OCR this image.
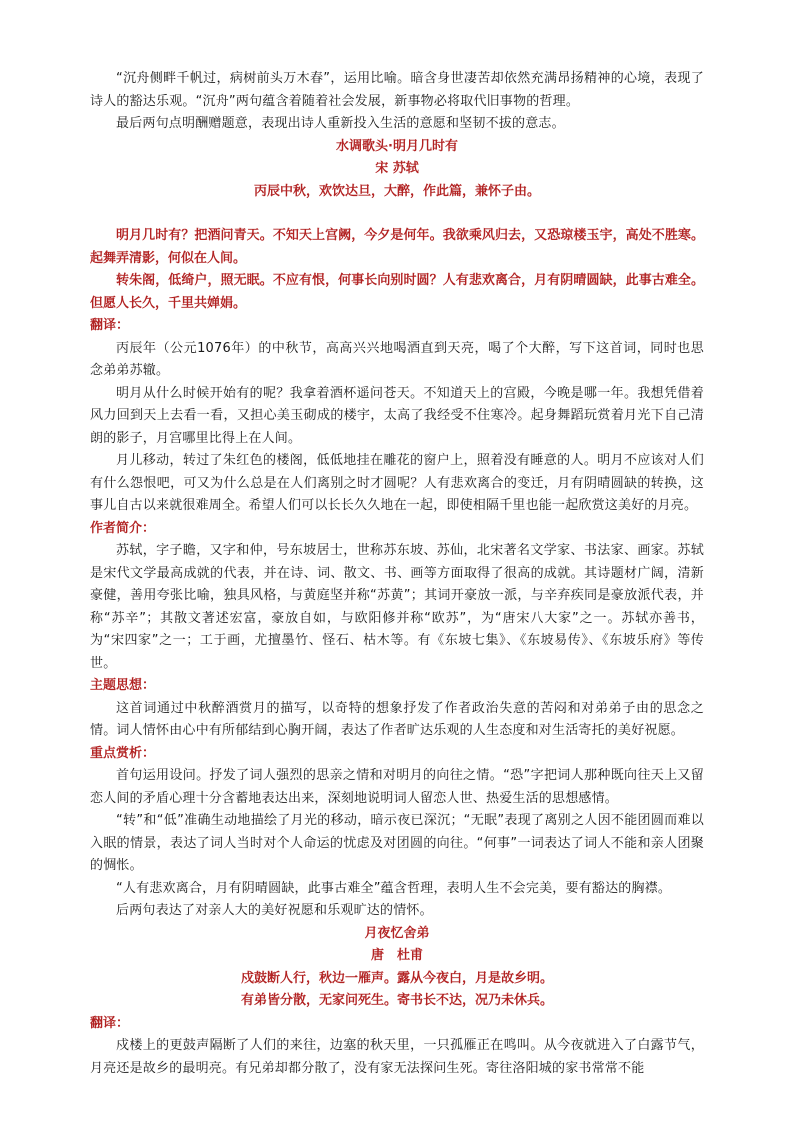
“沉舟侧畔千帆过，病树前头万木春”，运用比喻。暗含身世凄苦却依然充满昂扬精神的心境，表现了诗人的豁达乐观。“沉舟”两句蕴含着随着社会发展，新事物必将取代旧事物的哲理。

最后两句点明酬赠题意，表现出诗人重新投入生活的意愿和坚韧不拔的意志。

水调歌头·明月几时有

宋 苏轼

丙辰中秋，欢饮达旦，大醉，作此篇，兼怀子由。

明月几时有？把酒问青天。不知天上宫阙，今夕是何年。我欲乘风归去，又恐琼楼玉宇，高处不胜寒。起舞弄清影，何似在人间。

转朱阁，低绮户，照无眠。不应有恨，何事长向别时圆？人有悲欢离合，月有阴晴圆缺，此事古难全。但愿人长久，千里共婵娟。

翻译：

丙辰年（公元1076年）的中秋节，高高兴兴地喝酒直到天亮，喝了个大醉，写下这首词，同时也思念弟弟苏辙。

明月从什么时候开始有的呢？我拿着酒杯遥问苍天。不知道天上的宫殿，今晚是哪一年。我想凭借着风力回到天上去看一看，又担心美玉砌成的楼宇，太高了我经受不住寒冷。起身舞蹈玩赏着月光下自己清朗的影子，月宫哪里比得上在人间。

月儿移动，转过了朱红色的楼阁，低低地挂在雕花的窗户上，照着没有睡意的人。明月不应该对人们有什么怨恨吧，可又为什么总是在人们离别之时才圆呢？人有悲欢离合的变迁，月有阴晴圆缺的转换，这事儿自古以来就很难周全。希望人们可以长长久久地在一起，即使相隔千里也能一起欣赏这美好的月亮。

作者简介：

苏轼，字子瞻，又字和仲，号东坡居士，世称苏东坡、苏仙，北宋著名文学家、书法家、画家。苏轼是宋代文学最高成就的代表，并在诗、词、散文、书、画等方面取得了很高的成就。其诗题材广阔，清新豪健，善用夸张比喻，独具风格，与黄庭坚并称“苏黄”；其词开豪放一派，与辛弃疾同是豪放派代表，并称“苏辛”；其散文著述宏富，豪放自如，与欧阳修并称“欧苏”，为“唐宋八大家”之一。苏轼亦善书，为“宋四家”之一；工于画，尤擅墨竹、怪石、枯木等。有《东坡七集》、《东坡易传》、《东坡乐府》等传世。

主题思想：

这首词通过中秋醉酒赏月的描写，以奇特的想象抒发了作者政治失意的苦闷和对弟弟子由的思念之情。词人情怀由心中有所郁结到心胸开阔，表达了作者旷达乐观的人生态度和对生活寄托的美好祝愿。

重点赏析：

首句运用设问。抒发了词人强烈的思亲之情和对明月的向往之情。“恐”字把词人那种既向往天上又留恋人间的矛盾心理十分含蓄地表达出来，深刻地说明词人留恋人世、热爱生活的思想感情。

“转”和“低”准确生动地描绘了月光的移动，暗示夜已深沉；“无眠”表现了离别之人因不能团圆而难以入眠的情景，表达了词人当时对个人命运的忧虑及对团圆的向往。“何事”一词表达了词人不能和亲人团聚的惆怅。

“人有悲欢离合，月有阴晴圆缺，此事古难全”蕴含哲理，表明人生不会完美，要有豁达的胸襟。

后两句表达了对亲人大的美好祝愿和乐观旷达的情怀。

月夜忆舍弟

唐　杜甫

戍鼓断人行，秋边一雁声。露从今夜白，月是故乡明。

有弟皆分散，无家问死生。寄书长不达，况乃未休兵。

翻译：

戍楼上的更鼓声隔断了人们的来往，边塞的秋天里，一只孤雁正在鸣叫。从今夜就进入了白露节气，月亮还是故乡的最明亮。有兄弟却都分散了，没有家无法探问生死。寄往洛阳城的家书常常不能
